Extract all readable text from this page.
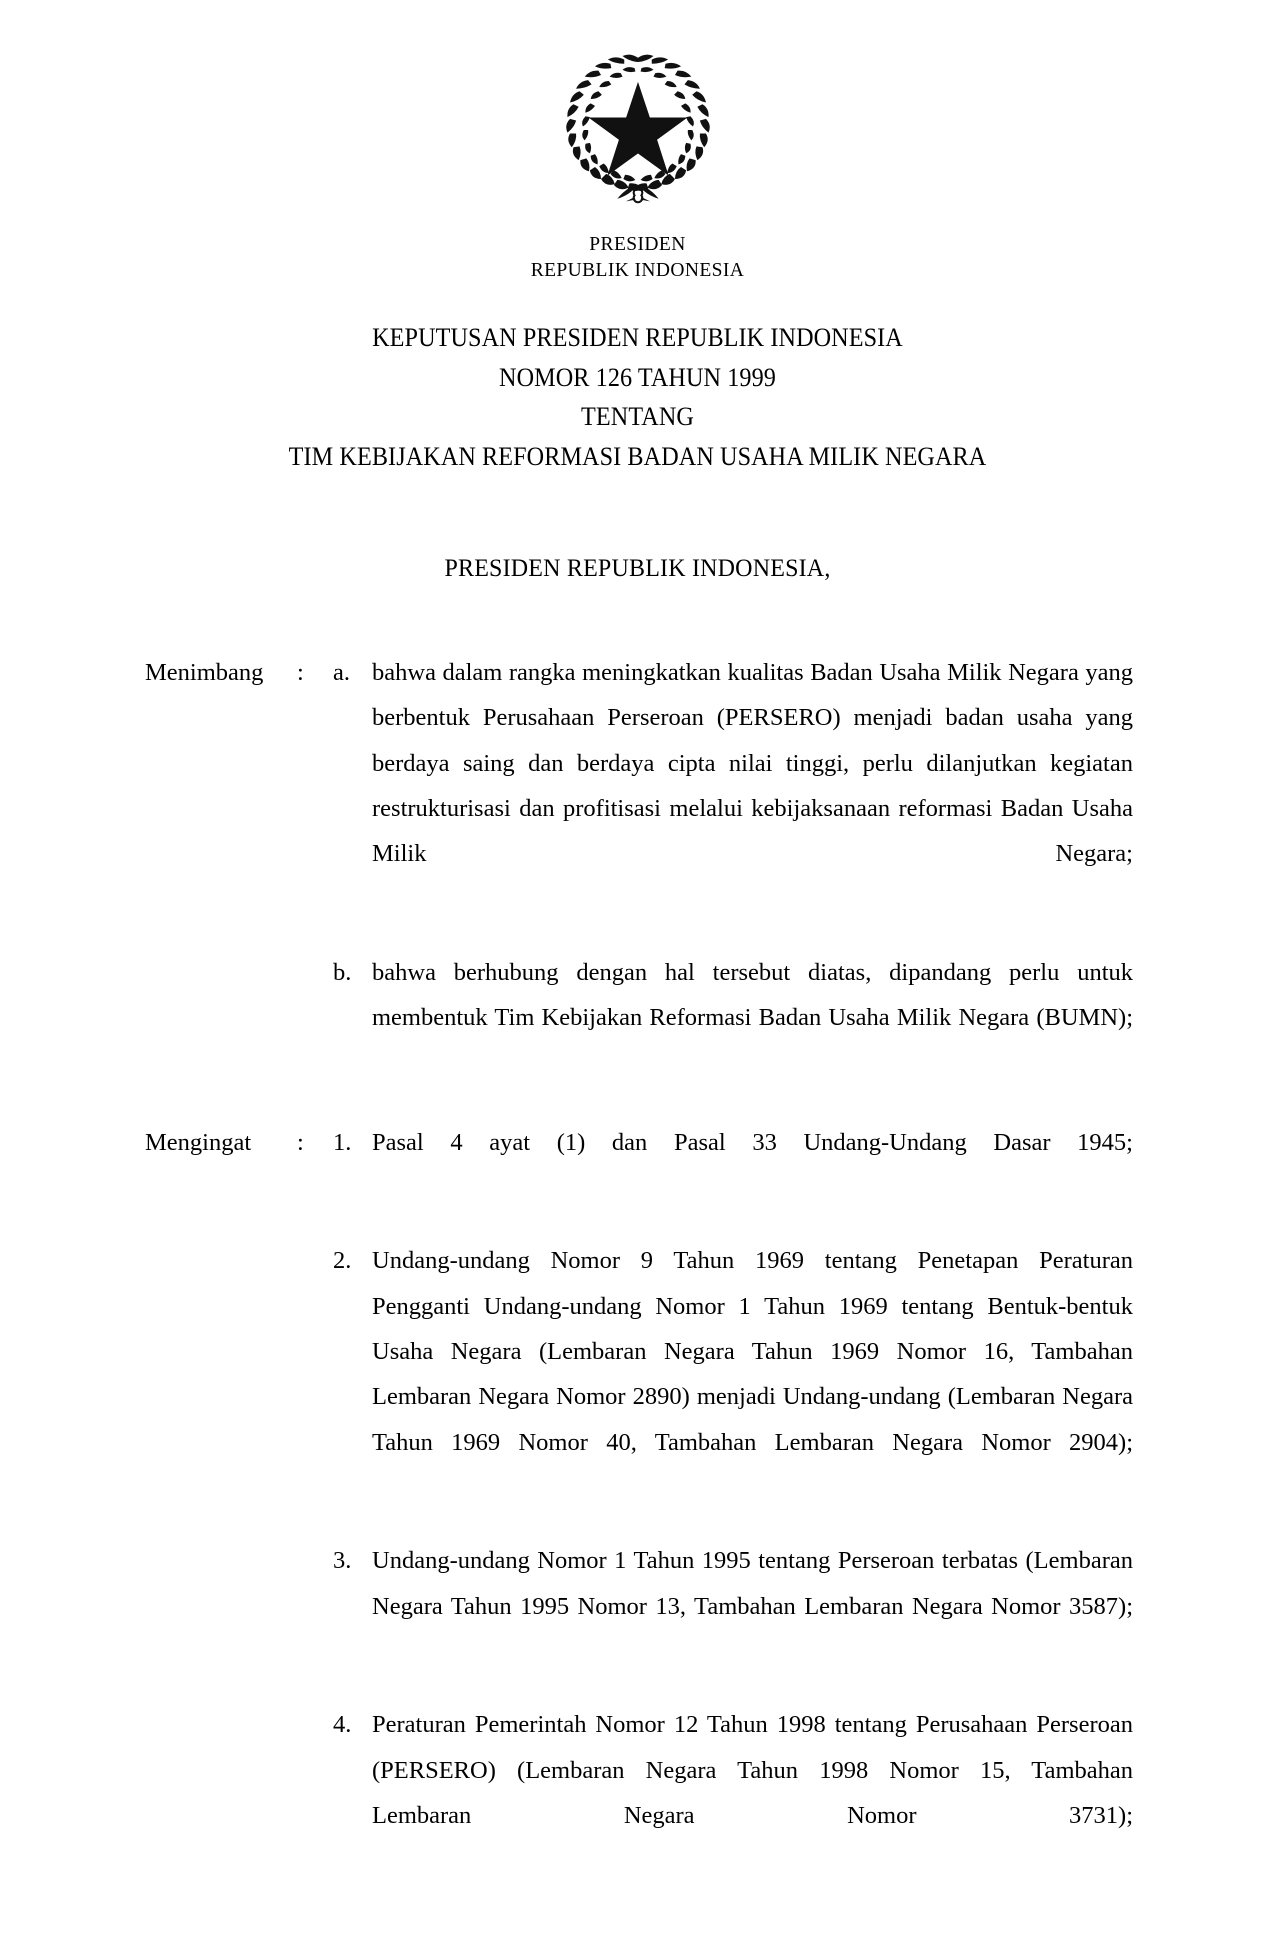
PRESIDEN
REPUBLIK INDONESIA
KEPUTUSAN PRESIDEN REPUBLIK INDONESIA
NOMOR 126 TAHUN 1999
TENTANG
TIM KEBIJAKAN REFORMASI BADAN USAHA MILIK NEGARA
PRESIDEN REPUBLIK INDONESIA,
Menimbang	:	a. bahwa dalam rangka meningkatkan kualitas Badan Usaha Milik Negara yang berbentuk Perusahaan Perseroan (PERSERO) menjadi badan usaha yang berdaya saing dan berdaya cipta nilai tinggi, perlu dilanjutkan kegiatan restrukturisasi dan profitisasi melalui kebijaksanaan reformasi Badan Usaha Milik Negara;
b. bahwa berhubung dengan hal tersebut diatas, dipandang perlu untuk membentuk Tim Kebijakan Reformasi Badan Usaha Milik Negara (BUMN);
Mengingat	:	1. Pasal 4 ayat (1) dan Pasal 33 Undang-Undang Dasar 1945;
2. Undang-undang Nomor 9 Tahun 1969 tentang Penetapan Peraturan Pengganti Undang-undang Nomor 1 Tahun 1969 tentang Bentuk-bentuk Usaha Negara (Lembaran Negara Tahun 1969 Nomor 16, Tambahan Lembaran Negara Nomor 2890) menjadi Undang-undang (Lembaran Negara Tahun 1969 Nomor 40, Tambahan Lembaran Negara Nomor 2904);
3. Undang-undang Nomor 1 Tahun 1995 tentang Perseroan terbatas (Lembaran Negara Tahun 1995 Nomor 13, Tambahan Lembaran Negara Nomor 3587);
4. Peraturan Pemerintah Nomor 12 Tahun 1998 tentang Perusahaan Perseroan (PERSERO) (Lembaran Negara Tahun 1998 Nomor 15, Tambahan Lembaran Negara Nomor 3731);
